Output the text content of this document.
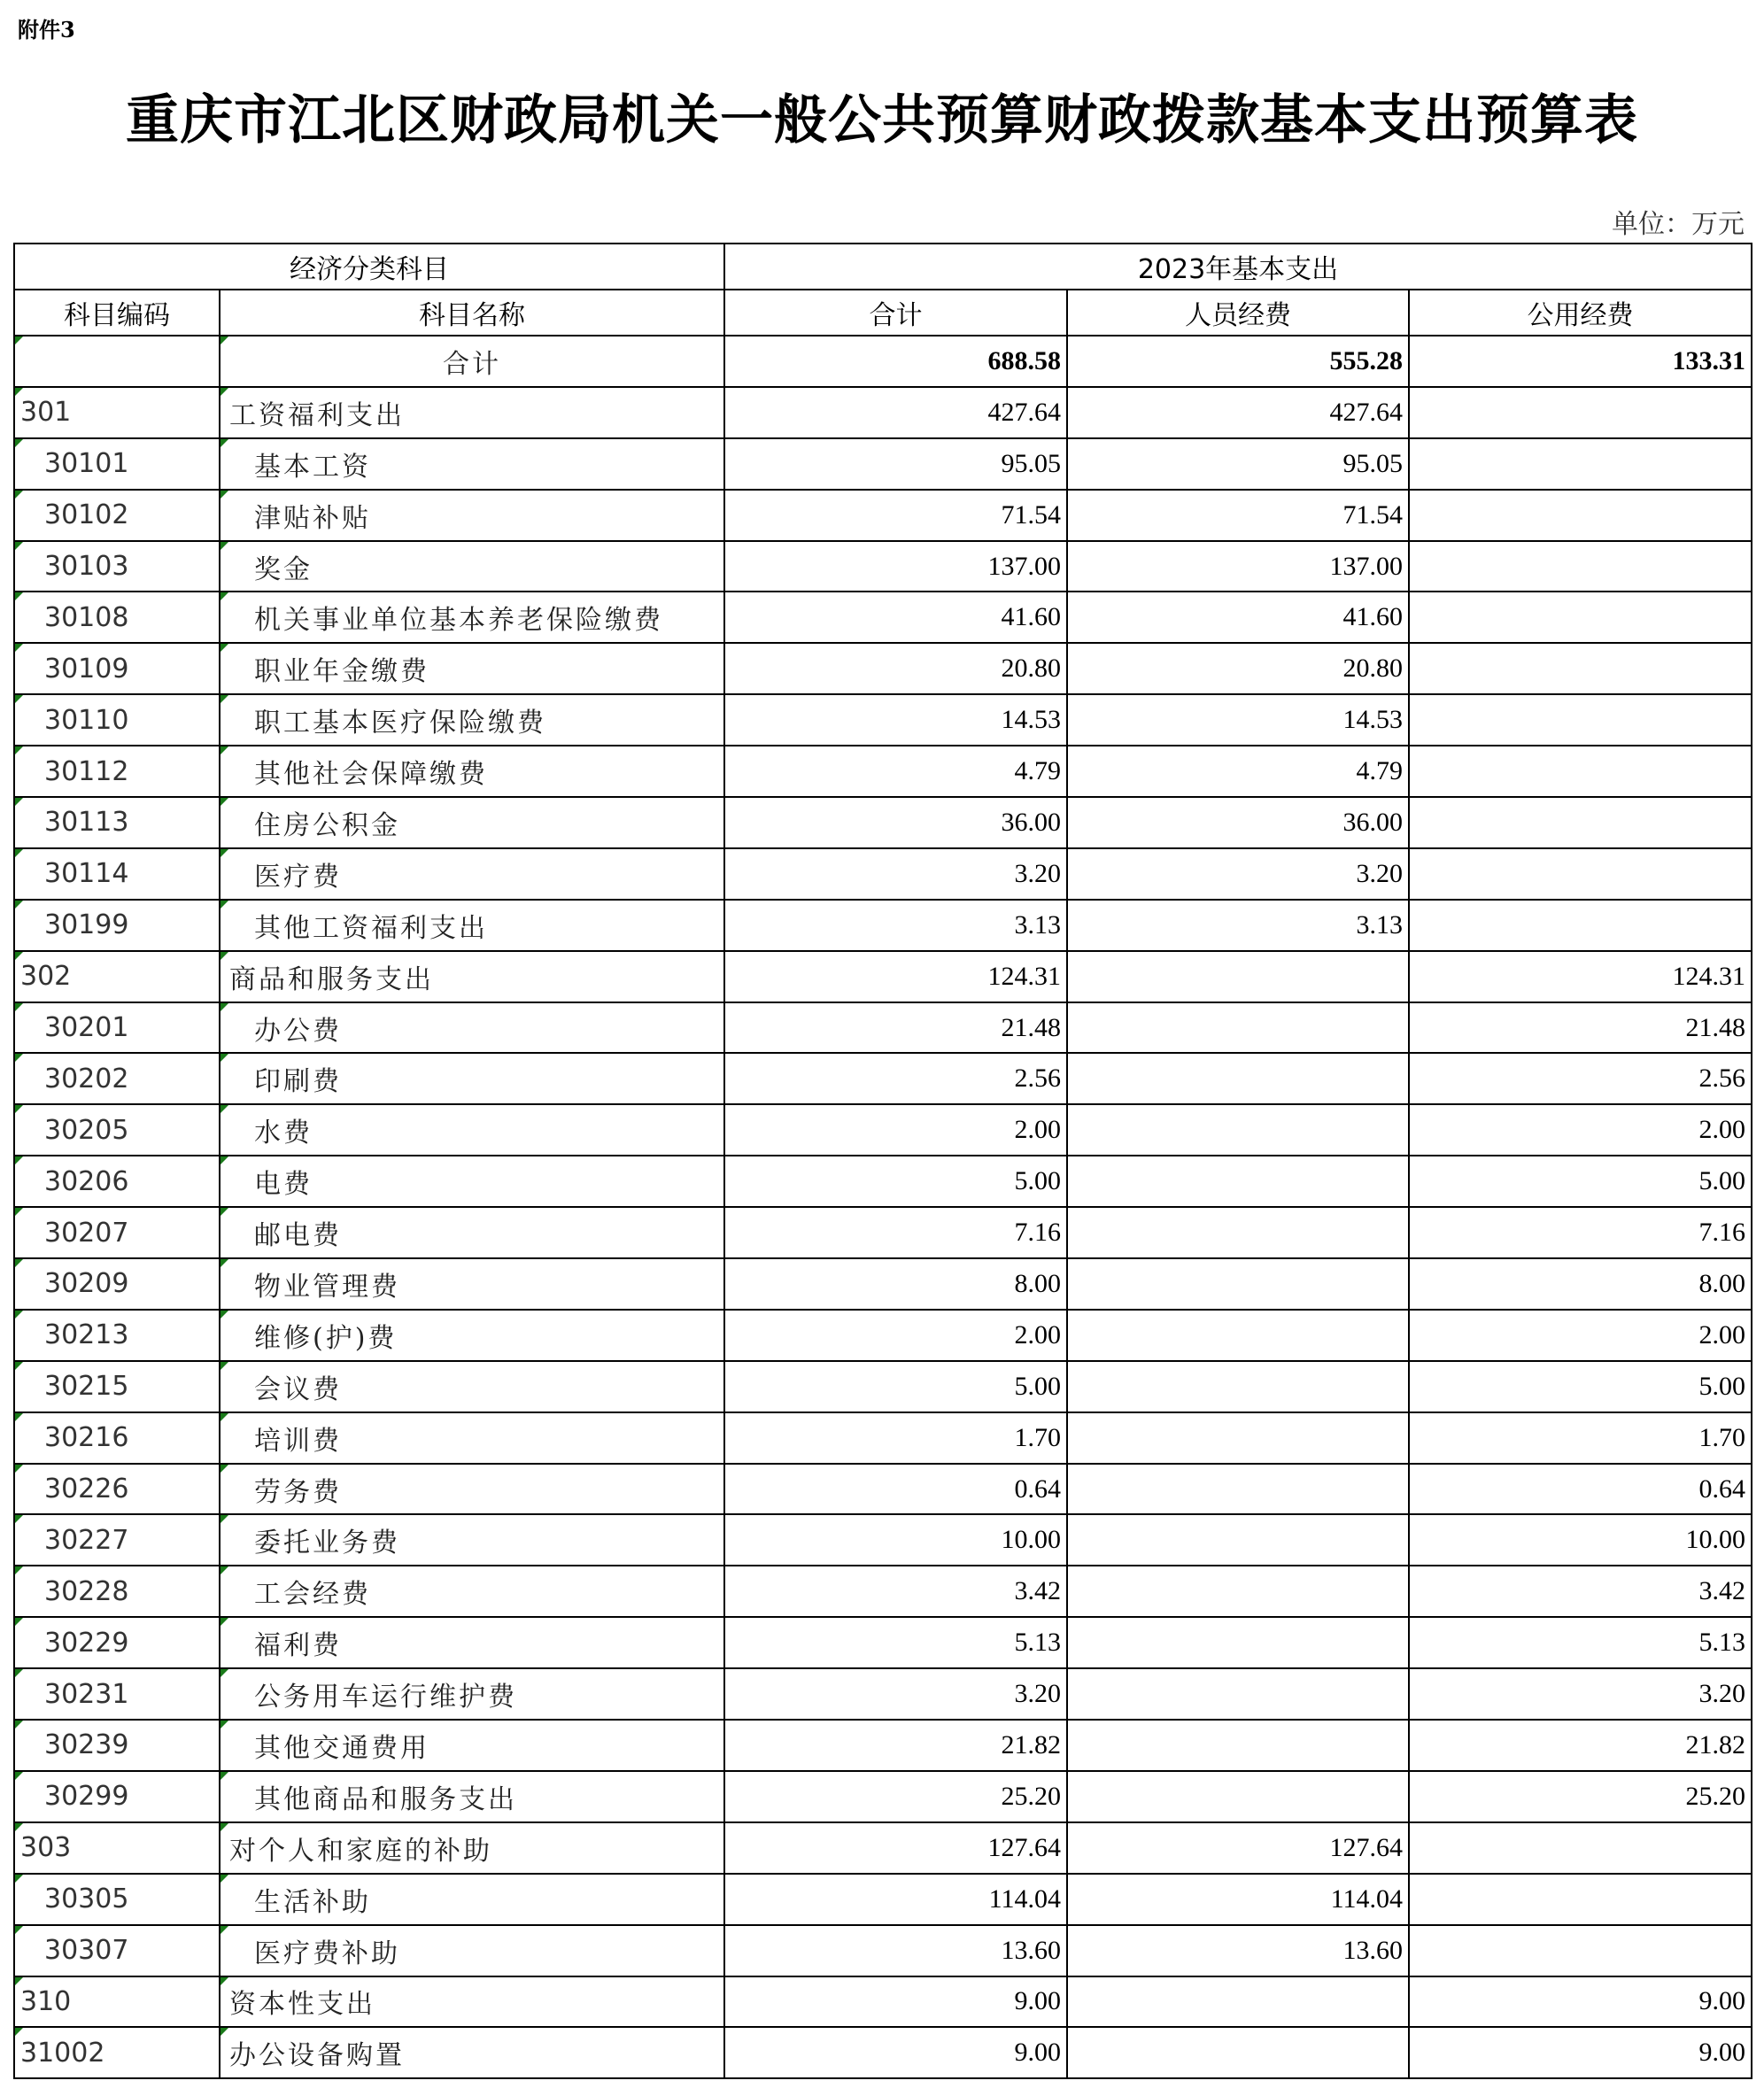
附件3
重庆市江北区财政局机关一般公共预算财政拨款基本支出预算表
单位：万元
经济分类科目		2023年基本支出		
科目编码	科目名称	合计	人员经费	公用经费
	合计	688.58	555.28	133.31
301	工资福利支出	427.64	427.64	
30101	基本工资	95.05	95.05	
30102	津贴补贴	71.54	71.54	
30103	奖金	137.00	137.00	
30108	机关事业单位基本养老保险缴费	41.60	41.60	
30109	职业年金缴费	20.80	20.80	
30110	职工基本医疗保险缴费	14.53	14.53	
30112	其他社会保障缴费	4.79	4.79	
30113	住房公积金	36.00	36.00	
30114	医疗费	3.20	3.20	
30199	其他工资福利支出	3.13	3.13	
302	商品和服务支出	124.31		124.31
30201	办公费	21.48		21.48
30202	印刷费	2.56		2.56
30205	水费	2.00		2.00
30206	电费	5.00		5.00
30207	邮电费	7.16		7.16
30209	物业管理费	8.00		8.00
30213	维修(护)费	2.00		2.00
30215	会议费	5.00		5.00
30216	培训费	1.70		1.70
30226	劳务费	0.64		0.64
30227	委托业务费	10.00		10.00
30228	工会经费	3.42		3.42
30229	福利费	5.13		5.13
30231	公务用车运行维护费	3.20		3.20
30239	其他交通费用	21.82		21.82
30299	其他商品和服务支出	25.20		25.20
303	对个人和家庭的补助	127.64	127.64	
30305	生活补助	114.04	114.04	
30307	医疗费补助	13.60	13.60	
310	资本性支出	9.00		9.00
31002	办公设备购置	9.00		9.00
